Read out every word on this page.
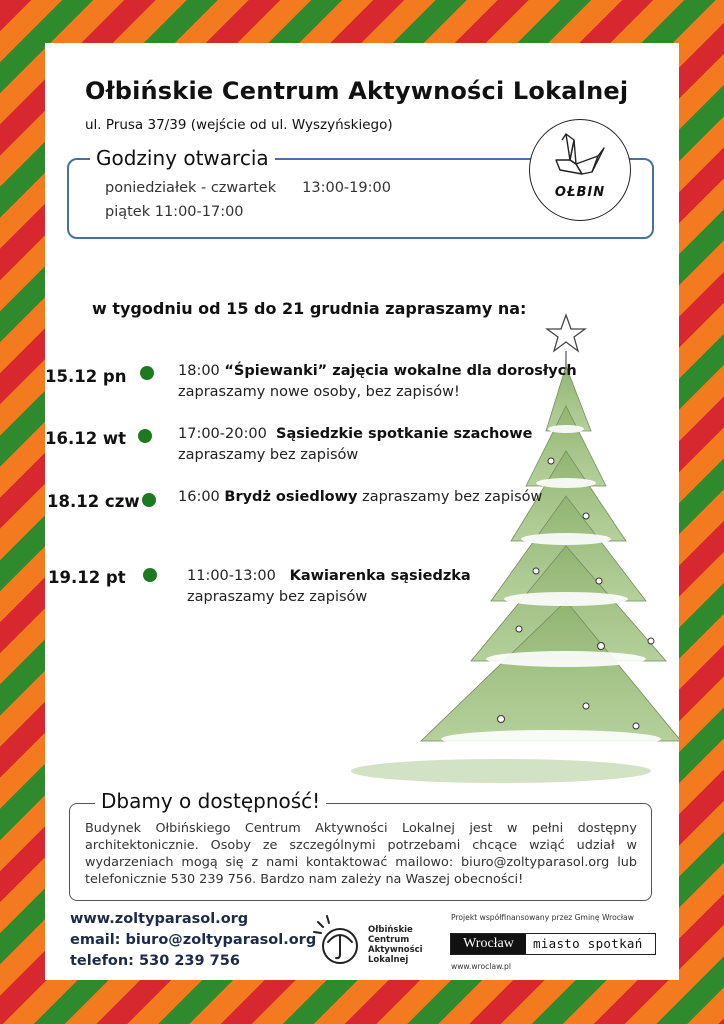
Ołbińskie Centrum Aktywności Lokalnej
ul. Prusa 37/39 (wejście od ul. Wyszyńskiego)
Godziny otwarcia
poniedziałek - czwartek 13:00-19:00
piątek 11:00-17:00
OŁBIN
w tygodniu od 15 do 21 grudnia zapraszamy na:
15.12 pn	18:00 “Śpiewanki” zajęcia wokalne dla dorosłych
zapraszamy nowe osoby, bez zapisów!
16.12 wt	17:00-20:00 Sąsiedzkie spotkanie szachowe
zapraszamy bez zapisów
18.12 czw	16:00 Brydż osiedlowy zapraszamy bez zapisów
19.12 pt	11:00-13:00 Kawiarenka sąsiedzka
zapraszamy bez zapisów
Dbamy o dostępność!
Budynek Ołbińskiego Centrum Aktywności Lokalnej jest w pełni dostępny architektonicznie. Osoby ze szczególnymi potrzebami chcące wziąć udział w wydarzeniach mogą się z nami kontaktować mailowo: biuro@zoltyparasol.org lub telefonicznie 530 239 756. Bardzo nam zależy na Waszej obecności!
www.zoltyparasol.org
email: biuro@zoltyparasol.org
telefon: 530 239 756
Ołbińskie
Centrum
Aktywności
Lokalnej
Projekt współfinansowany przez Gminę Wrocław
Wrocław	miasto spotkań
www.wroclaw.pl
